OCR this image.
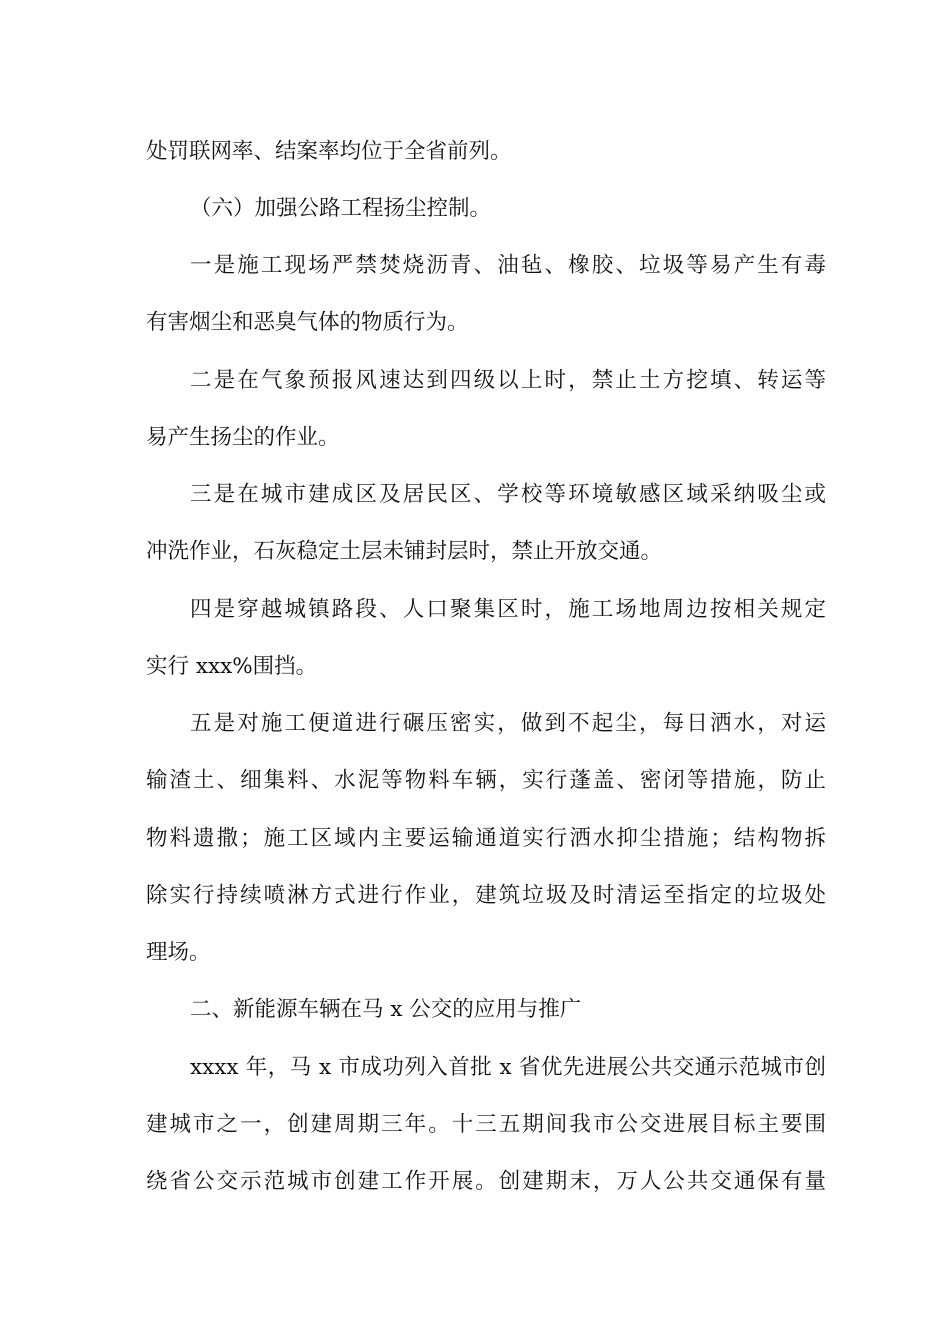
处罚联网率、结案率均位于全省前列。
（六）加强公路工程扬尘控制。
一是施工现场严禁焚烧沥青、油毡、橡胶、垃圾等易产生有毒
有害烟尘和恶臭气体的物质行为。
二是在气象预报风速达到四级以上时，禁止土方挖填、转运等
易产生扬尘的作业。
三是在城市建成区及居民区、学校等环境敏感区域采纳吸尘或
冲洗作业，石灰稳定土层未铺封层时，禁止开放交通。
四是穿越城镇路段、人口聚集区时，施工场地周边按相关规定
实行 xxx%围挡。
五是对施工便道进行碾压密实，做到不起尘，每日洒水，对运
输渣土、细集料、水泥等物料车辆，实行蓬盖、密闭等措施，防止
物料遗撒；施工区域内主要运输通道实行洒水抑尘措施；结构物拆
除实行持续喷淋方式进行作业，建筑垃圾及时清运至指定的垃圾处
理场。
二、新能源车辆在马 x 公交的应用与推广
xxxx 年，马 x 市成功列入首批 x 省优先进展公共交通示范城市创
建城市之一，创建周期三年。十三五期间我市公交进展目标主要围
绕省公交示范城市创建工作开展。创建期末，万人公共交通保有量
